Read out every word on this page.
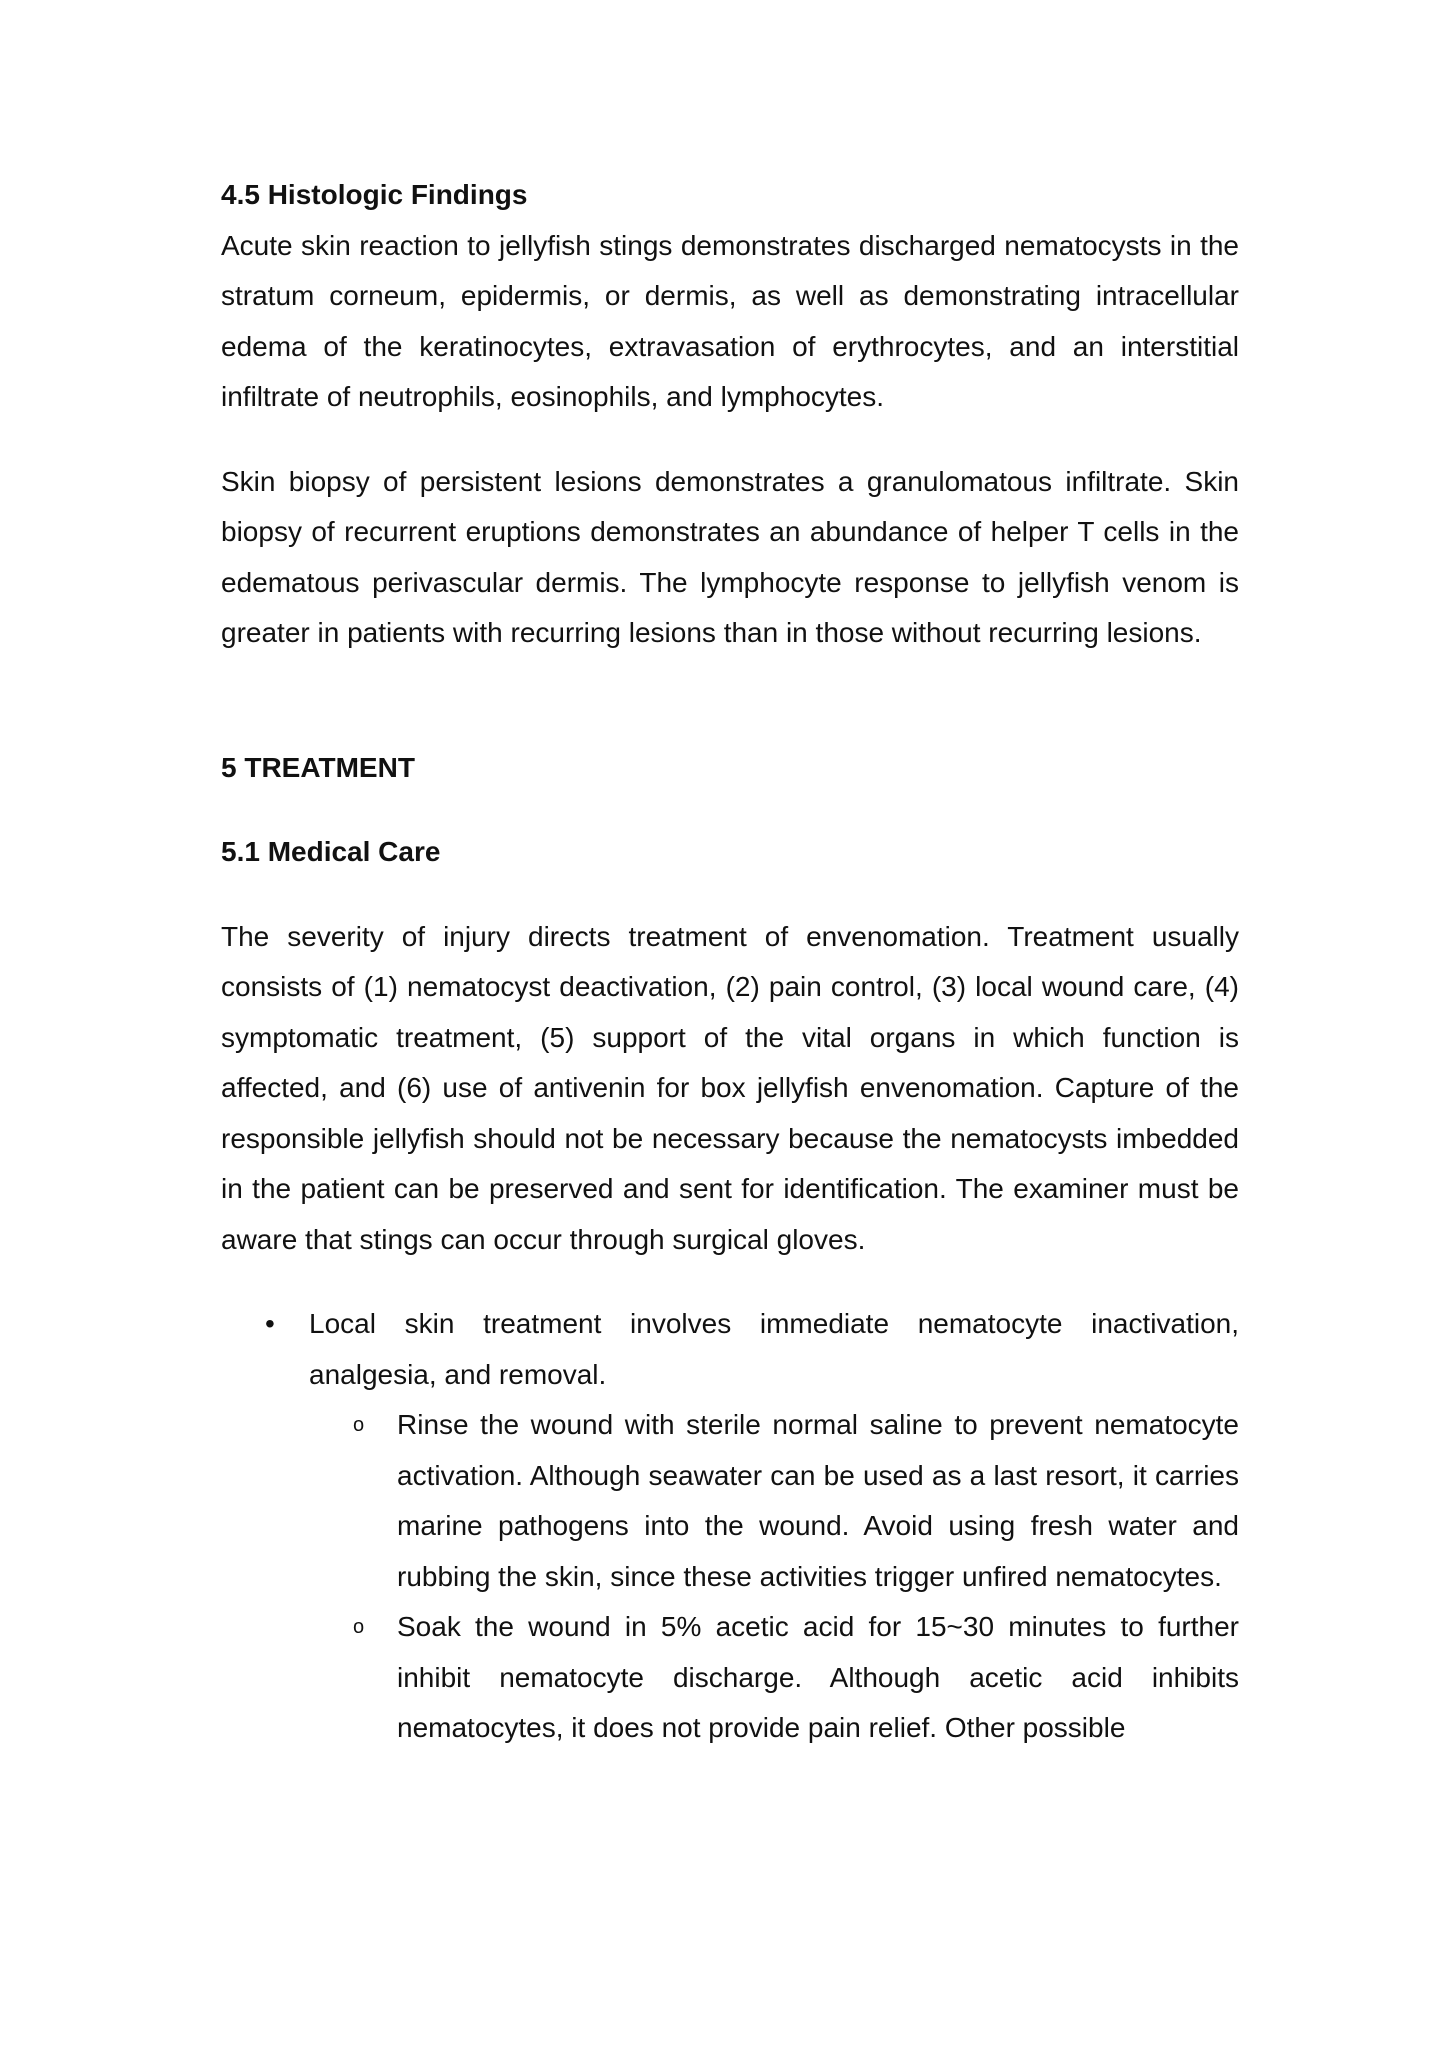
4.5 Histologic Findings

Acute skin reaction to jellyfish stings demonstrates discharged nematocysts in the stratum corneum, epidermis, or dermis, as well as demonstrating intracellular edema of the keratinocytes, extravasation of erythrocytes, and an interstitial infiltrate of neutrophils, eosinophils, and lymphocytes.

Skin biopsy of persistent lesions demonstrates a granulomatous infiltrate. Skin biopsy of recurrent eruptions demonstrates an abundance of helper T cells in the edematous perivascular dermis. The lymphocyte response to jellyfish venom is greater in patients with recurring lesions than in those without recurring lesions.

5 TREATMENT

5.1 Medical Care

The severity of injury directs treatment of envenomation. Treatment usually consists of (1) nematocyst deactivation, (2) pain control, (3) local wound care, (4) symptomatic treatment, (5) support of the vital organs in which function is affected, and (6) use of antivenin for box jellyfish envenomation. Capture of the responsible jellyfish should not be necessary because the nematocysts imbedded in the patient can be preserved and sent for identification. The examiner must be aware that stings can occur through surgical gloves.

• Local skin treatment involves immediate nematocyte inactivation, analgesia, and removal.

o Rinse the wound with sterile normal saline to prevent nematocyte activation. Although seawater can be used as a last resort, it carries marine pathogens into the wound. Avoid using fresh water and rubbing the skin, since these activities trigger unfired nematocytes.

o Soak the wound in 5% acetic acid for 15~30 minutes to further inhibit nematocyte discharge. Although acetic acid inhibits nematocytes, it does not provide pain relief. Other possible
